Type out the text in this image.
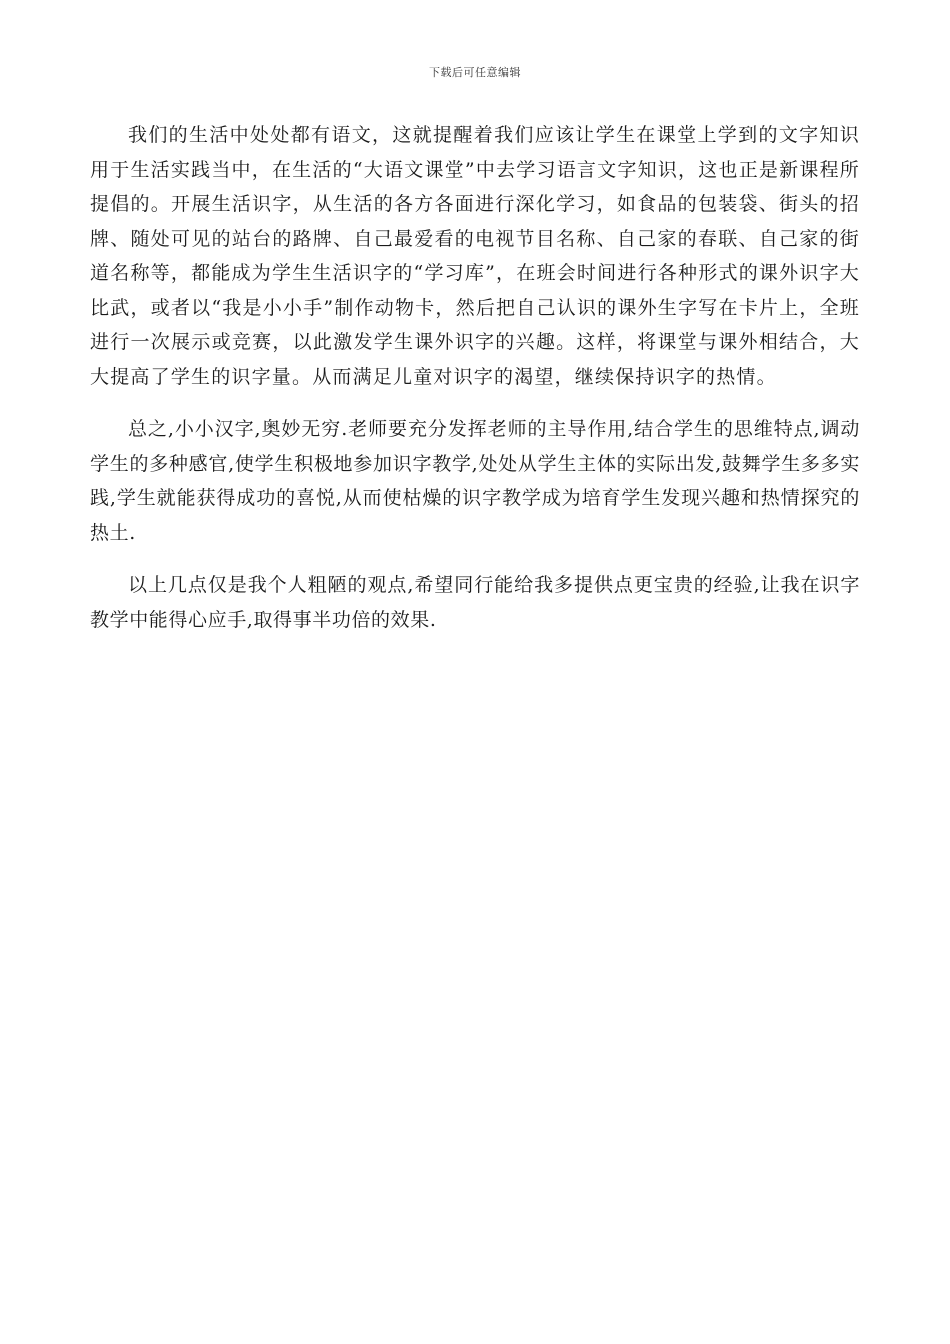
下载后可任意编辑

我们的生活中处处都有语文，这就提醒着我们应该让学生在课堂上学到的文字知识用于生活实践当中，在生活的“大语文课堂”中去学习语言文字知识，这也正是新课程所提倡的。开展生活识字，从生活的各方各面进行深化学习，如食品的包装袋、街头的招牌、随处可见的站台的路牌、自己最爱看的电视节目名称、自己家的春联、自己家的街道名称等，都能成为学生生活识字的“学习库”，在班会时间进行各种形式的课外识字大比武，或者以“我是小小手”制作动物卡，然后把自己认识的课外生字写在卡片上，全班进行一次展示或竞赛，以此激发学生课外识字的兴趣。这样，将课堂与课外相结合，大大提高了学生的识字量。从而满足儿童对识字的渴望，继续保持识字的热情。

总之,小小汉字,奥妙无穷.老师要充分发挥老师的主导作用,结合学生的思维特点,调动学生的多种感官,使学生积极地参加识字教学,处处从学生主体的实际出发,鼓舞学生多多实践,学生就能获得成功的喜悦,从而使枯燥的识字教学成为培育学生发现兴趣和热情探究的热土.

以上几点仅是我个人粗陋的观点,希望同行能给我多提供点更宝贵的经验,让我在识字教学中能得心应手,取得事半功倍的效果.
